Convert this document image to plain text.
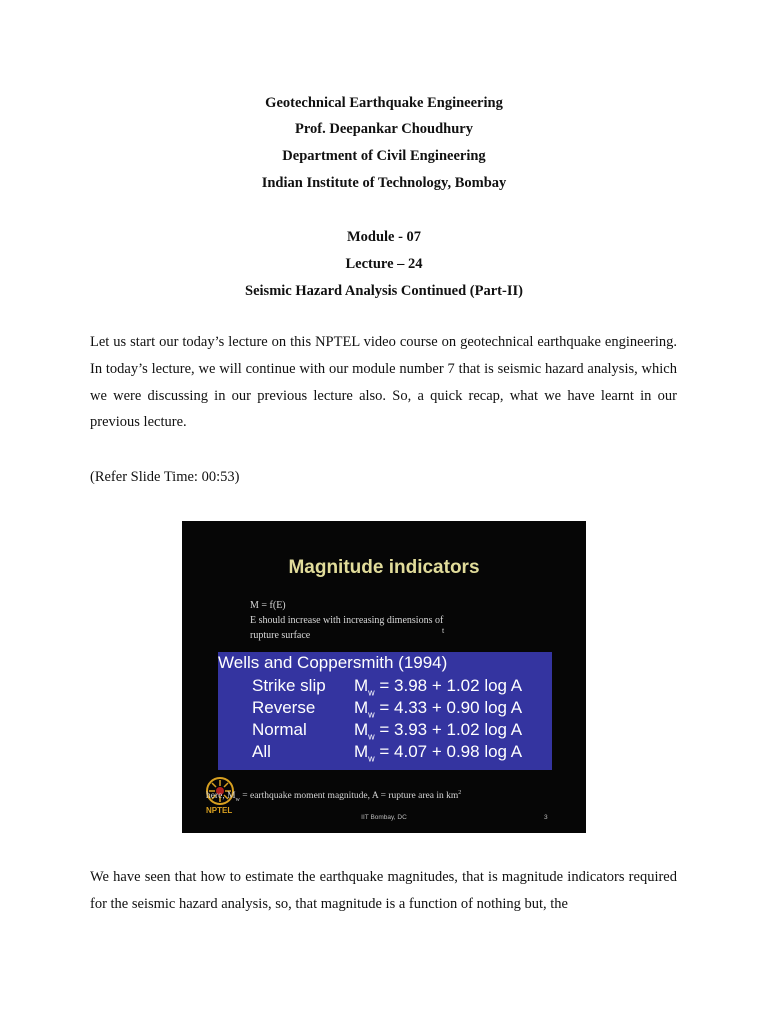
Geotechnical Earthquake Engineering
Prof. Deepankar Choudhury
Department of Civil Engineering
Indian Institute of Technology, Bombay
Module - 07
Lecture – 24
Seismic Hazard Analysis Continued (Part-II)
Let us start our today’s lecture on this NPTEL video course on geotechnical earthquake engineering. In today’s lecture, we will continue with our module number 7 that is seismic hazard analysis, which we were discussing in our previous lecture also. So, a quick recap, what we have learnt in our previous lecture.
(Refer Slide Time: 00:53)
Magnitude indicators
M = f(E)
E should increase with increasing dimensions of
rupture surface	t
Wells and Coppersmith (1994)
Strike slip $M_w = 3.98 + 1.02$ log A
Reverse $M_w = 4.33 + 0.90$ log A
Normal	$M_w = 3.93 + 1.02$ log A
All	$M_w = 4.07 + 0.98$ log A
NPTEL
here, $M_w$ = earthquake moment magnitude, A = rupture area in $km^2$
IIT Bombay, DC	3
We have seen that how to estimate the earthquake magnitudes, that is magnitude indicators required for the seismic hazard analysis, so, that magnitude is a function of nothing but, the
